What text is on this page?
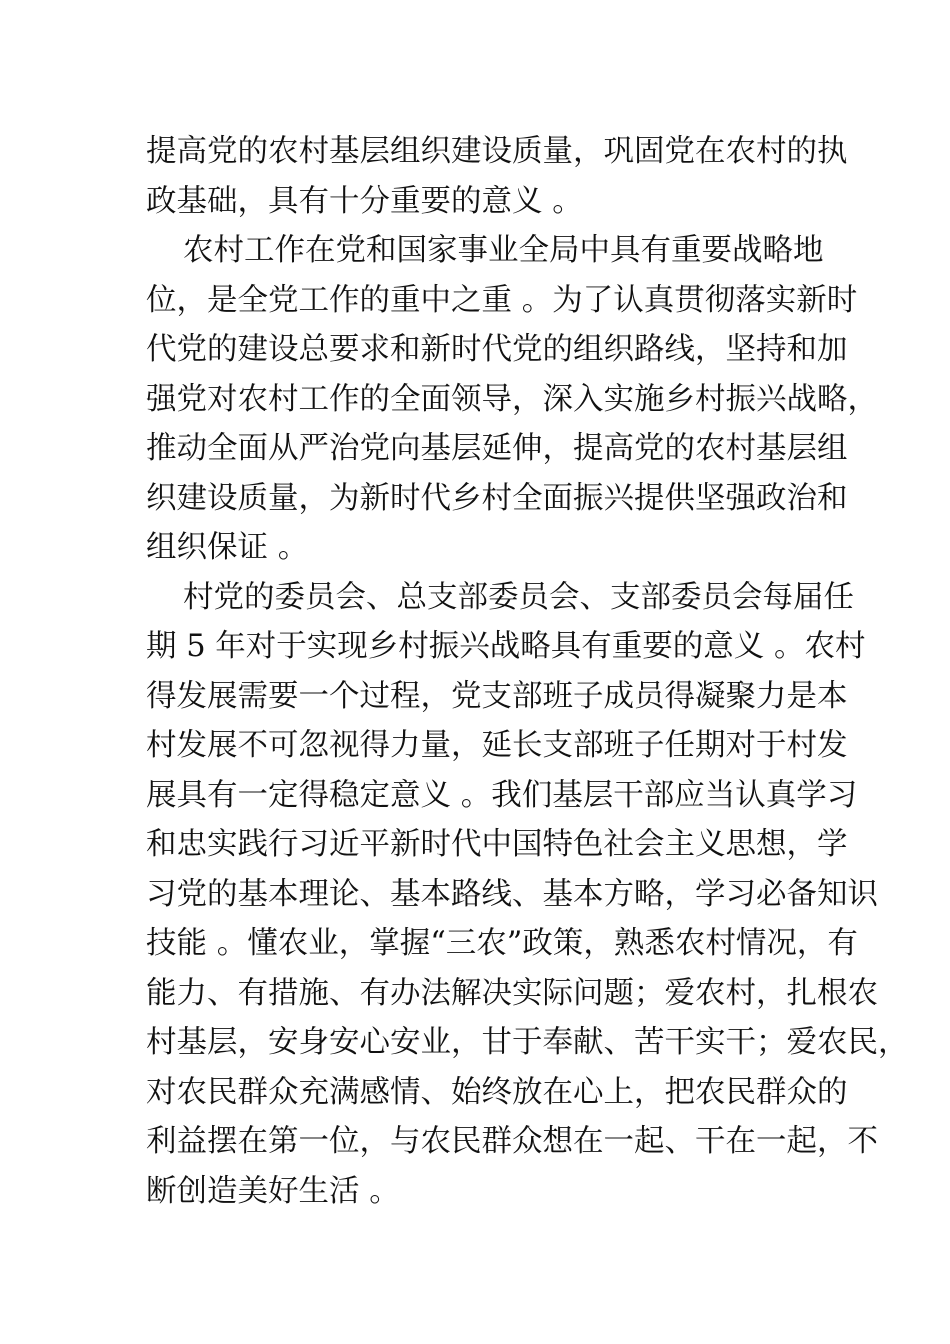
提高党的农村基层组织建设质量，巩固党在农村的执
政基础，具有十分重要的意义 。
农村工作在党和国家事业全局中具有重要战略地
位，是全党工作的重中之重 。为了认真贯彻落实新时
代党的建设总要求和新时代党的组织路线，坚持和加
强党对农村工作的全面领导，深入实施乡村振兴战略，
推动全面从严治党向基层延伸，提高党的农村基层组
织建设质量，为新时代乡村全面振兴提供坚强政治和
组织保证 。
村党的委员会、总支部委员会、支部委员会每届任
期 5 年对于实现乡村振兴战略具有重要的意义 。农村
得发展需要一个过程，党支部班子成员得凝聚力是本
村发展不可忽视得力量，延长支部班子任期对于村发
展具有一定得稳定意义 。我们基层干部应当认真学习
和忠实践行习近平新时代中国特色社会主义思想，学
习党的基本理论、基本路线、基本方略，学习必备知识
技能 。懂农业，掌握“三农”政策，熟悉农村情况，有
能力、有措施、有办法解决实际问题；爱农村，扎根农
村基层，安身安心安业，甘于奉献、苦干实干；爱农民，
对农民群众充满感情、始终放在心上，把农民群众的
利益摆在第一位，与农民群众想在一起、干在一起，不
断创造美好生活 。
